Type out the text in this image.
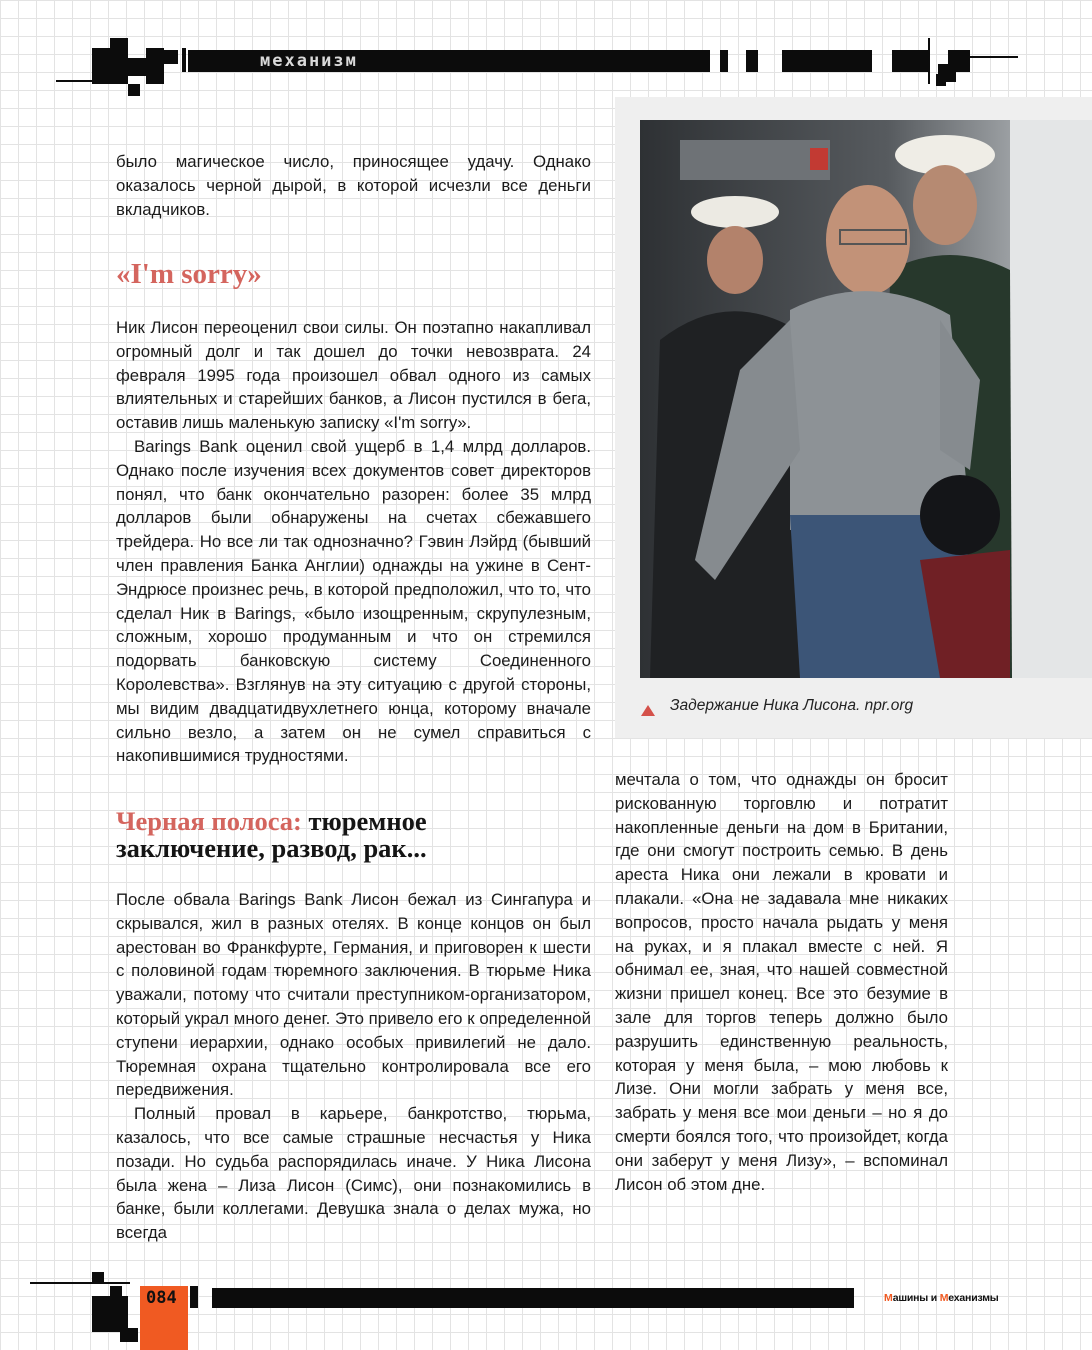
механизм

было магическое число, приносящее удачу. Однако оказалось черной дырой, в которой исчезли все деньги вкладчиков.

«I'm sorry»

Ник Лисон переоценил свои силы. Он поэтапно накапливал огромный долг и так дошел до точки невозврата. 24 февраля 1995 года произошел обвал одного из самых влиятельных и старейших банков, а Лисон пустился в бега, оставив лишь маленькую записку «I'm sorry».

Barings Bank оценил свой ущерб в 1,4 млрд долларов. Однако после изучения всех документов совет директоров понял, что банк окончательно разорен: более 35 млрд долларов были обнаружены на счетах сбежавшего трейдера. Но все ли так однозначно? Гэвин Лэйрд (бывший член правления Банка Англии) однажды на ужине в Сент-Эндрюсе произнес речь, в которой предположил, что то, что сделал Ник в Barings, «было изощренным, скрупулезным, сложным, хорошо продуманным и что он стремился подорвать банковскую систему Соединенного Королевства». Взглянув на эту ситуацию с другой стороны, мы видим двадцатидвухлетнего юнца, которому вначале сильно везло, а затем он не сумел справиться с накопившимися трудностями.

Черная полоса: тюремное заключение, развод, рак...

После обвала Barings Bank Лисон бежал из Сингапура и скрывался, жил в разных отелях. В конце концов он был арестован во Франкфурте, Германия, и приговорен к шести с половиной годам тюремного заключения. В тюрьме Ника уважали, потому что считали преступником-организатором, который украл много денег. Это привело его к определенной ступени иерархии, однако особых привилегий не дало. Тюремная охрана тщательно контролировала все его передвижения.

Полный провал в карьере, банкротство, тюрьма, казалось, что все самые страшные несчастья у Ника позади. Но судьба распорядилась иначе. У Ника Лисона была жена – Лиза Лисон (Симс), они познакомились в банке, были коллегами. Девушка знала о делах мужа, но всегда

Задержание Ника Лисона. npr.org

мечтала о том, что однажды он бросит рискованную торговлю и потратит накопленные деньги на дом в Британии, где они смогут построить семью. В день ареста Ника они лежали в кровати и плакали. «Она не задавала мне никаких вопросов, просто начала рыдать у меня на руках, и я плакал вместе с ней. Я обнимал ее, зная, что нашей совместной жизни пришел конец. Все это безумие в зале для торгов теперь должно было разрушить единственную реальность, которая у меня была, – мою любовь к Лизе. Они могли забрать у меня все, забрать у меня все мои деньги – но я до смерти боялся того, что произойдет, когда они заберут у меня Лизу», – вспоминал Лисон об этом дне.

084	Машины и Механизмы
